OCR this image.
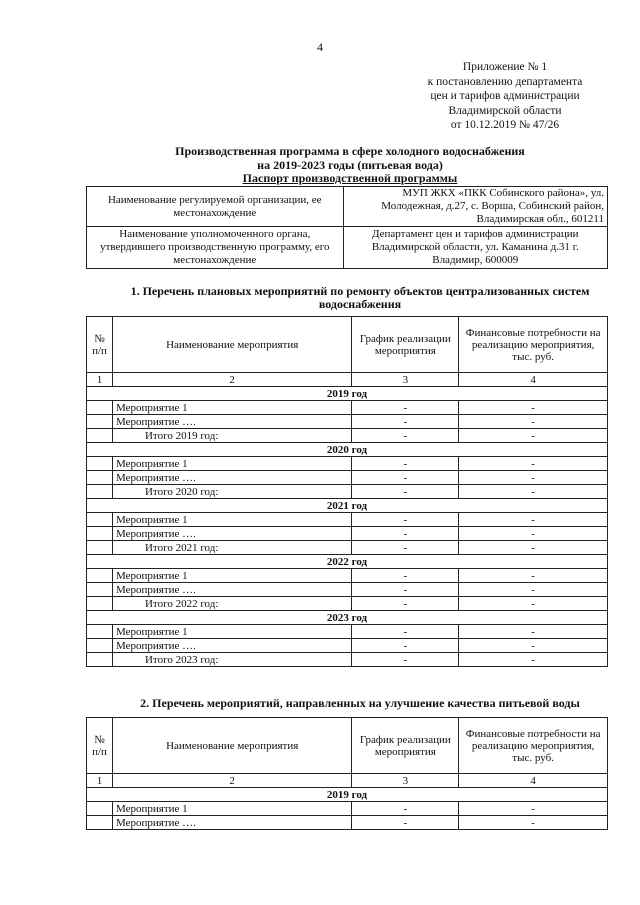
4
Приложение № 1
к постановлению департамента
цен и тарифов администрации
Владимирской области
от 10.12.2019 № 47/26
Производственная программа в сфере холодного водоснабжения
на 2019-2023 годы (питьевая вода)
Паспорт производственной программы
Наименование регулируемой организации, ее местонахождение	МУП ЖКХ «ПКК Собинского района», ул. Молодежная, д.27, с. Ворша, Собинский район, Владимирская обл., 601211
Наименование уполномоченного органа, утвердившего производственную программу, его местонахождение	Департамент цен и тарифов администрации Владимирской области, ул. Каманина д.31 г. Владимир, 600009
1. Перечень плановых мероприятий по ремонту объектов централизованных систем водоснабжения
№ п/п	Наименование мероприятия	График реализации мероприятия	Финансовые потребности на реализацию мероприятия, тыс. руб.
1	2	3	4
2019 год			
	Мероприятие 1	-	-
	Мероприятие ….	-	-
	Итого 2019 год:	-	-
2020 год			
	Мероприятие 1	-	-
	Мероприятие ….	-	-
	Итого 2020 год:	-	-
2021 год			
	Мероприятие 1	-	-
	Мероприятие ….	-	-
	Итого 2021 год:	-	-
2022 год			
	Мероприятие 1	-	-
	Мероприятие ….	-	-
	Итого 2022 год:	-	-
2023 год			
	Мероприятие 1	-	-
	Мероприятие ….	-	-
	Итого 2023 год:	-	-
2. Перечень мероприятий, направленных на улучшение качества питьевой воды
№ п/п	Наименование мероприятия	График реализации мероприятия	Финансовые потребности на реализацию мероприятия, тыс. руб.
1	2	3	4
2019 год			
	Мероприятие 1	-	-
	Мероприятие ….	-	-
